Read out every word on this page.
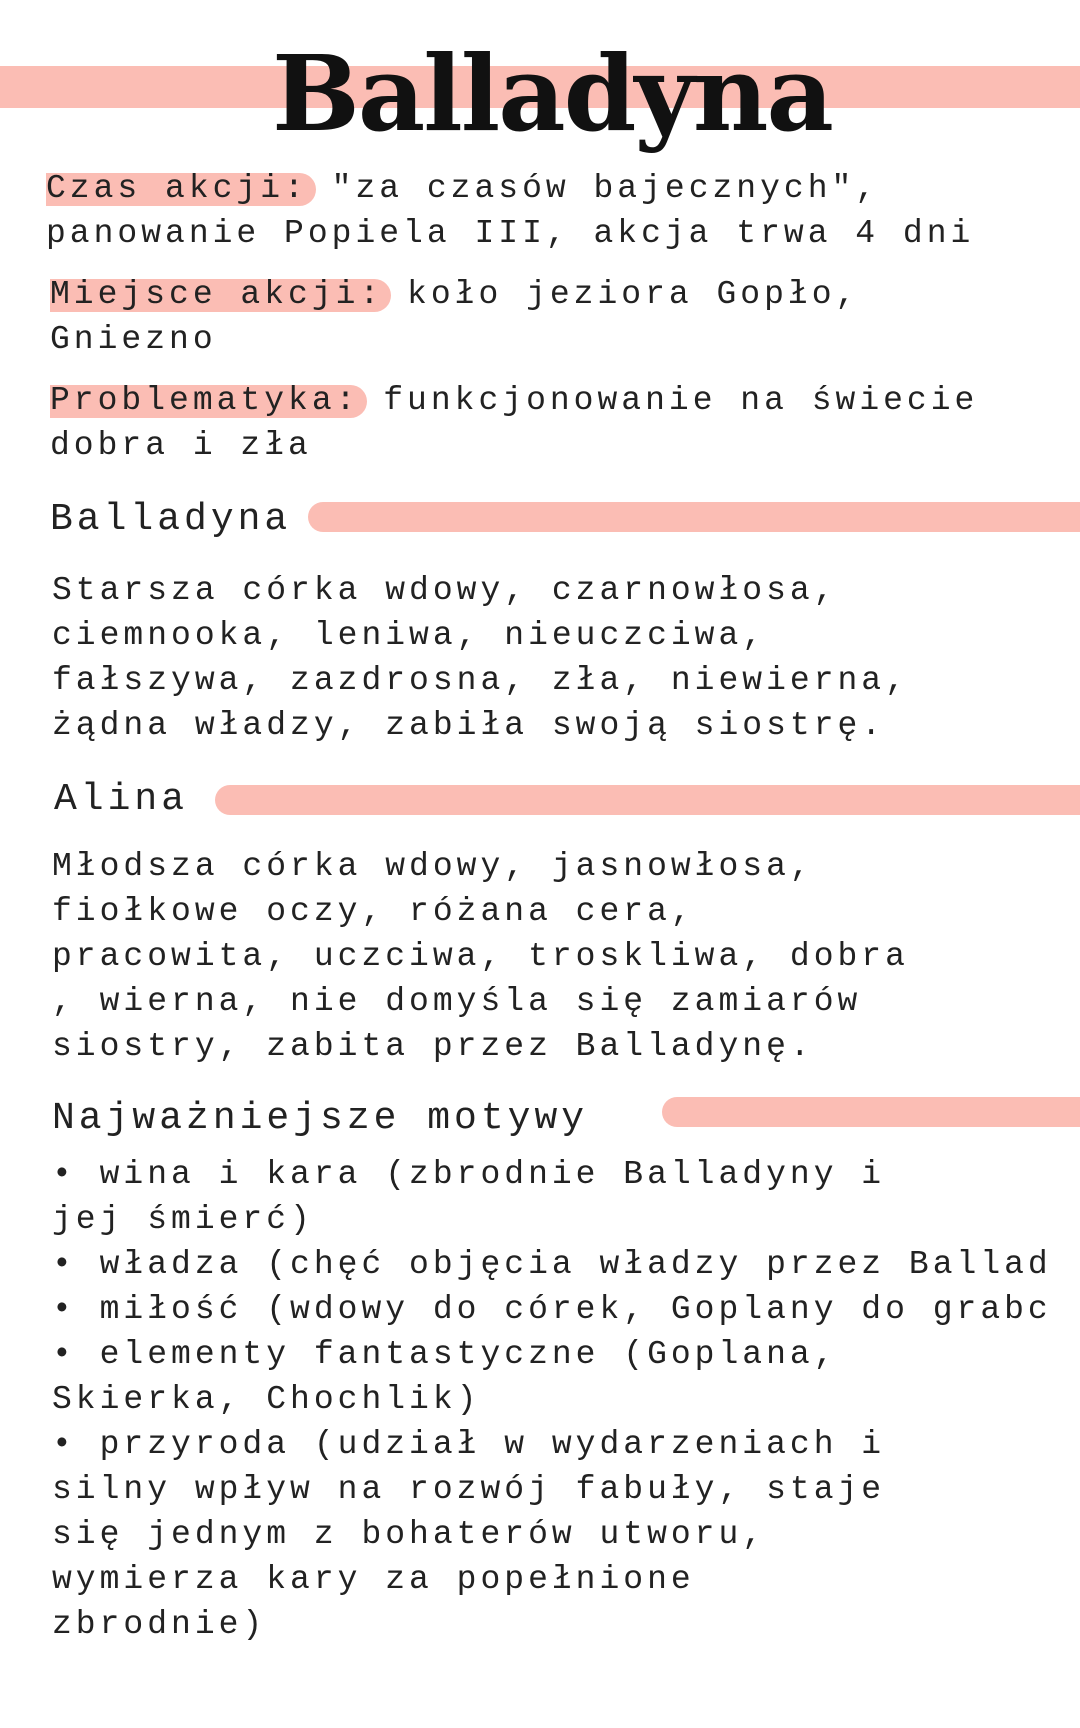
Balladyna
Czas akcji: "za czasów bajecznych",
panowanie Popiela III, akcja trwa 4 dni
Miejsce akcji: koło jeziora Gopło,
Gniezno
Problematyka: funkcjonowanie na świecie
dobra i zła
Balladyna
Starsza córka wdowy, czarnowłosa,
ciemnooka, leniwa, nieuczciwa,
fałszywa, zazdrosna, zła, niewierna,
żądna władzy, zabiła swoją siostrę.
Alina
Młodsza córka wdowy, jasnowłosa,
fiołkowe oczy, różana cera,
pracowita, uczciwa, troskliwa, dobra
, wierna, nie domyśla się zamiarów
siostry, zabita przez Balladynę.
Najważniejsze motywy
• wina i kara (zbrodnie Balladyny i
jej śmierć)
• władza (chęć objęcia władzy przez Ballad
• miłość (wdowy do córek, Goplany do grabc
• elementy fantastyczne (Goplana,
Skierka, Chochlik)
• przyroda (udział w wydarzeniach i
silny wpływ na rozwój fabuły, staje
się jednym z bohaterów utworu,
wymierza kary za popełnione
zbrodnie)
